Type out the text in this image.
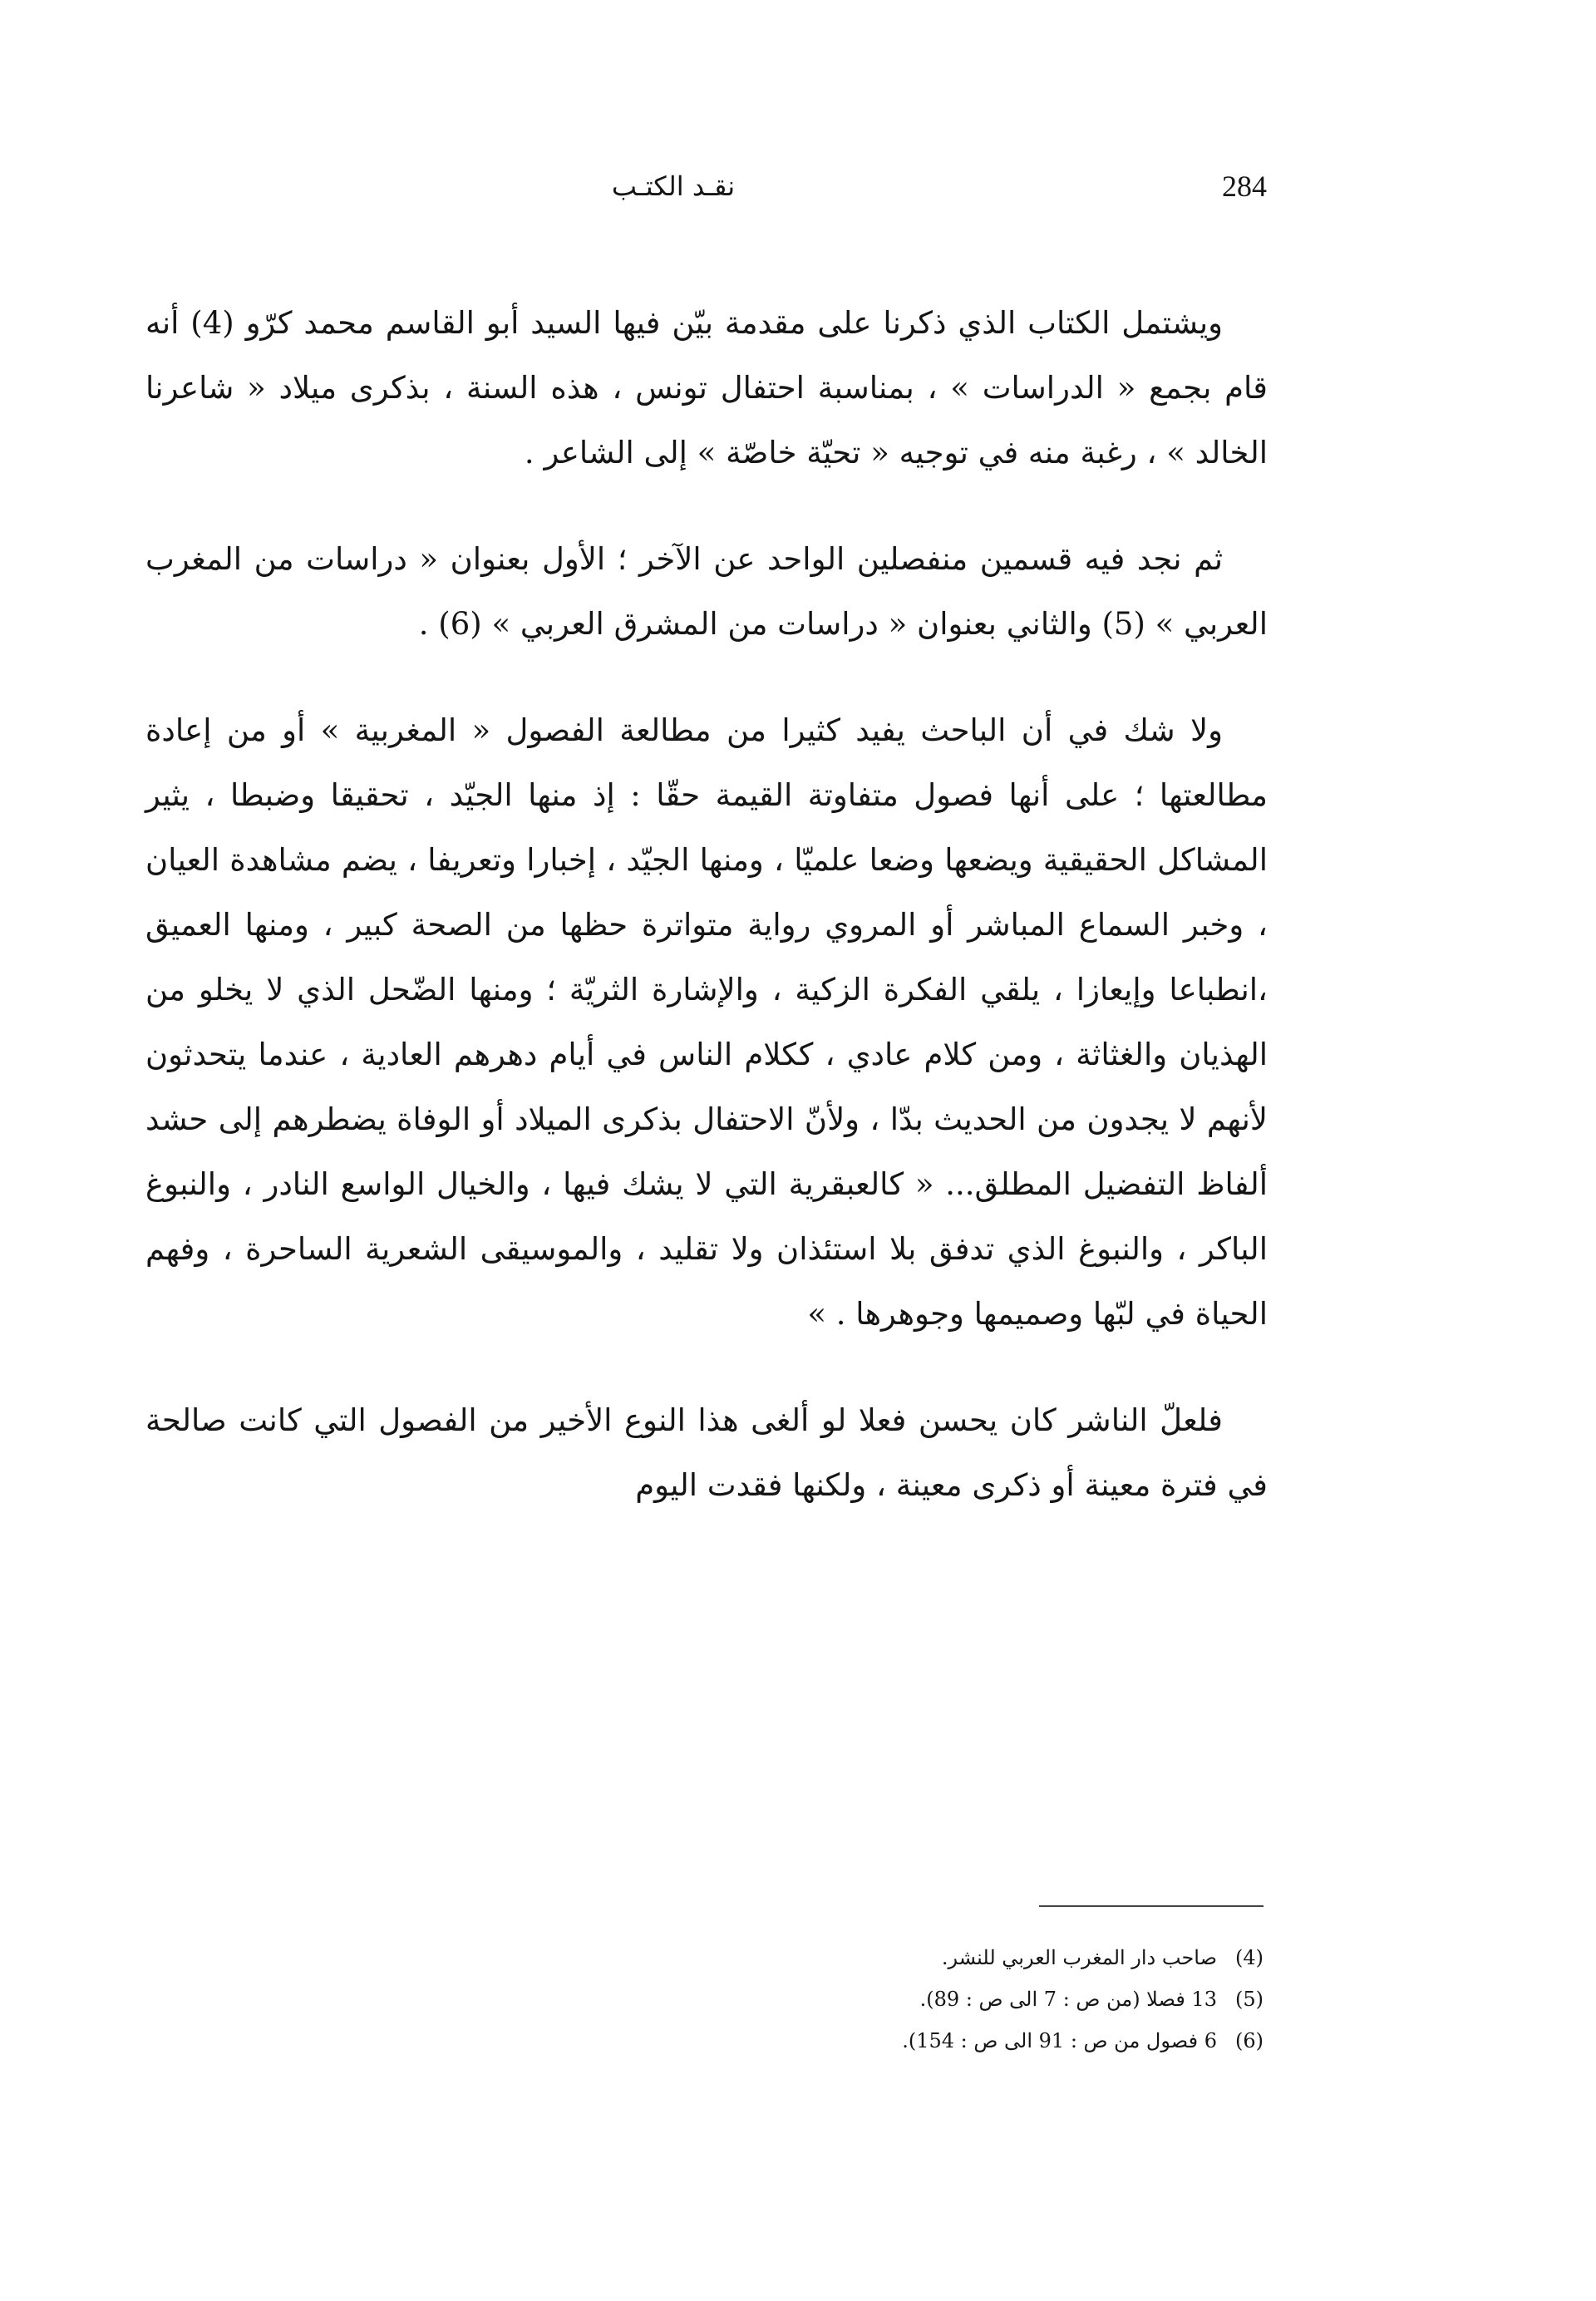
نقـد الكتـب	284

ويشتمل الكتاب الذي ذكرنا على مقدمة بيّن فيها السيد أبو القاسم محمد كرّو (4) أنه قام بجمع « الدراسات » ، بمناسبة احتفال تونس ، هذه السنة ، بذكرى ميلاد « شاعرنا الخالد » ، رغبة منه في توجيه « تحيّة خاصّة » إلى الشاعر .

ثم نجد فيه قسمين منفصلين الواحد عن الآخر ؛ الأول بعنوان « دراسات من المغرب العربي » (5) والثاني بعنوان « دراسات من المشرق العربي » (6) .

ولا شك في أن الباحث يفيد كثيرا من مطالعة الفصول « المغربية » أو من إعادة مطالعتها ؛ على أنها فصول متفاوتة القيمة حقّا : إذ منها الجيّد ، تحقيقا وضبطا ، يثير المشاكل الحقيقية ويضعها وضعا علميّا ، ومنها الجيّد ، إخبارا وتعريفا ، يضم مشاهدة العيان ، وخبر السماع المباشر أو المروي رواية متواترة حظها من الصحة كبير ، ومنها العميق ،انطباعا وإيعازا ، يلقي الفكرة الزكية ، والإشارة الثريّة ؛ ومنها الضّحل الذي لا يخلو من الهذيان والغثاثة ، ومن كلام عادي ، ككلام الناس في أيام دهرهم العادية ، عندما يتحدثون لأنهم لا يجدون من الحديث بدّا ، ولأنّ الاحتفال بذكرى الميلاد أو الوفاة يضطرهم إلى حشد ألفاظ التفضيل المطلق... « كالعبقرية التي لا يشك فيها ، والخيال الواسع النادر ، والنبوغ الباكر ، والنبوغ الذي تدفق بلا استئذان ولا تقليد ، والموسيقى الشعرية الساحرة ، وفهم الحياة في لبّها وصميمها وجوهرها . »

فلعلّ الناشر كان يحسن فعلا لو ألغى هذا النوع الأخير من الفصول التي كانت صالحة في فترة معينة أو ذكرى معينة ، ولكنها فقدت اليوم

(4)
صاحب دار المغرب العربي للنشر.
(5)
13 فصلا (من ص : 7 الى ص : 89).
(6)
6 فصول من ص : 91 الى ص : 154).
